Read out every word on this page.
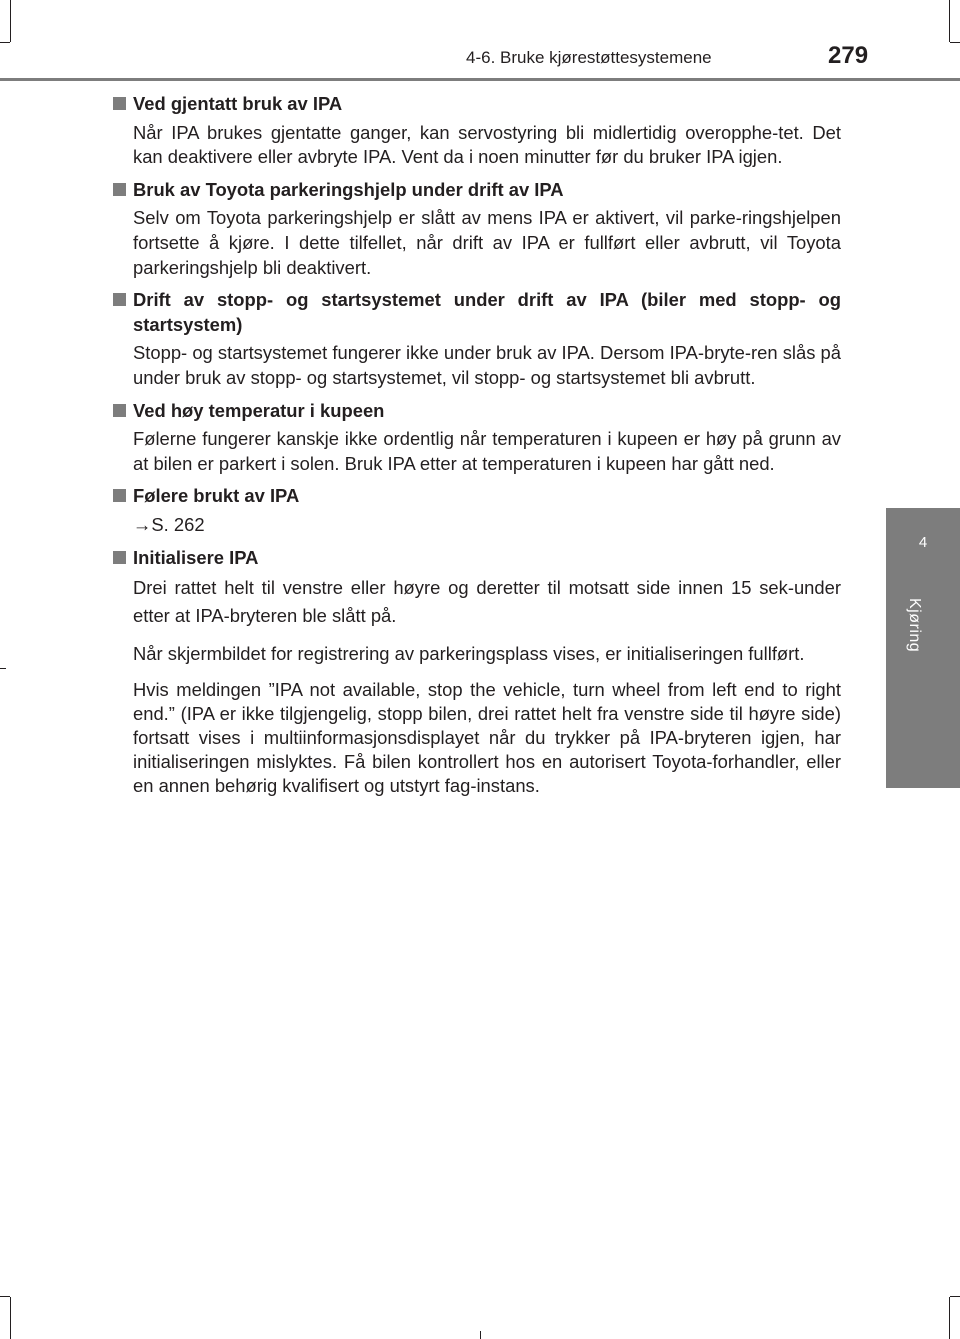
4-6. Bruke kjørestøttesystemene	279
4
Kjøring
Ved gjentatt bruk av IPA
Når IPA brukes gjentatte ganger, kan servostyring bli midlertidig overopphe-tet. Det kan deaktivere eller avbryte IPA. Vent da i noen minutter før du bruker IPA igjen.
Bruk av Toyota parkeringshjelp under drift av IPA
Selv om Toyota parkeringshjelp er slått av mens IPA er aktivert, vil parke-ringshjelpen fortsette å kjøre. I dette tilfellet, når drift av IPA er fullført eller avbrutt, vil Toyota parkeringshjelp bli deaktivert.
Drift av stopp- og startsystemet under drift av IPA (biler med stopp- og startsystem)
Stopp- og startsystemet fungerer ikke under bruk av IPA. Dersom IPA-bryte-ren slås på under bruk av stopp- og startsystemet, vil stopp- og startsystemet bli avbrutt.
Ved høy temperatur i kupeen
Følerne fungerer kanskje ikke ordentlig når temperaturen i kupeen er høy på grunn av at bilen er parkert i solen. Bruk IPA etter at temperaturen i kupeen har gått ned.
Følere brukt av IPA
→S. 262
Initialisere IPA
Drei rattet helt til venstre eller høyre og deretter til motsatt side innen 15 sek-under etter at IPA-bryteren ble slått på.
Når skjermbildet for registrering av parkeringsplass vises, er initialiseringen fullført.
Hvis meldingen ”IPA not available, stop the vehicle, turn wheel from left end to right end.” (IPA er ikke tilgjengelig, stopp bilen, drei rattet helt fra venstre side til høyre side) fortsatt vises i multiinformasjonsdisplayet når du trykker på IPA-bryteren igjen, har initialiseringen mislyktes. Få bilen kontrollert hos en autorisert Toyota-forhandler, eller en annen behørig kvalifisert og utstyrt fag-instans.
